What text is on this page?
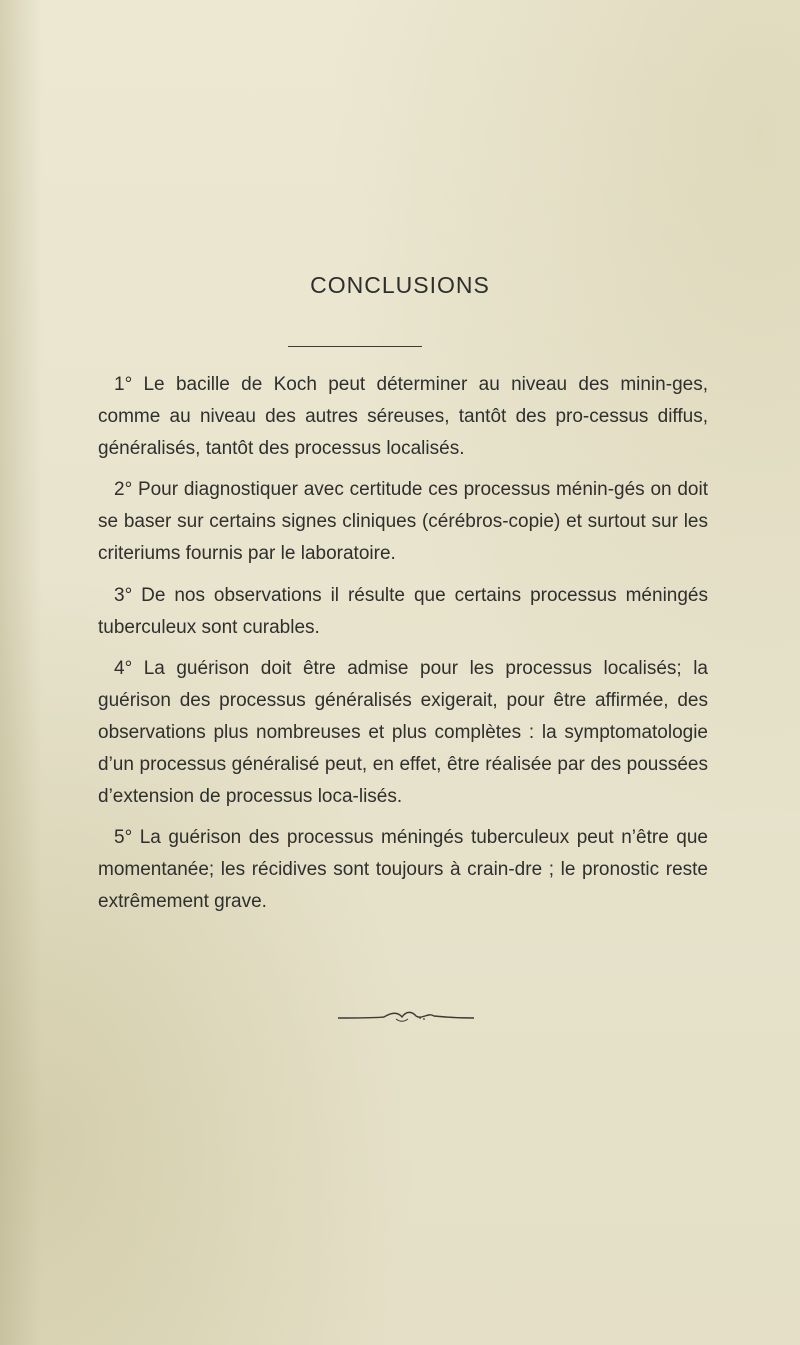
CONCLUSIONS

1° Le bacille de Koch peut déterminer au niveau des minin-ges, comme au niveau des autres séreuses, tantôt des pro-cessus diffus, généralisés, tantôt des processus localisés.

2° Pour diagnostiquer avec certitude ces processus ménin-gés on doit se baser sur certains signes cliniques (cérébros-copie) et surtout sur les criteriums fournis par le laboratoire.

3° De nos observations il résulte que certains processus méningés tuberculeux sont curables.

4° La guérison doit être admise pour les processus localisés; la guérison des processus généralisés exigerait, pour être affirmée, des observations plus nombreuses et plus complètes : la symptomatologie d’un processus généralisé peut, en effet, être réalisée par des poussées d’extension de processus loca-lisés.

5° La guérison des processus méningés tuberculeux peut n’être que momentanée; les récidives sont toujours à crain-dre ; le pronostic reste extrêmement grave.
